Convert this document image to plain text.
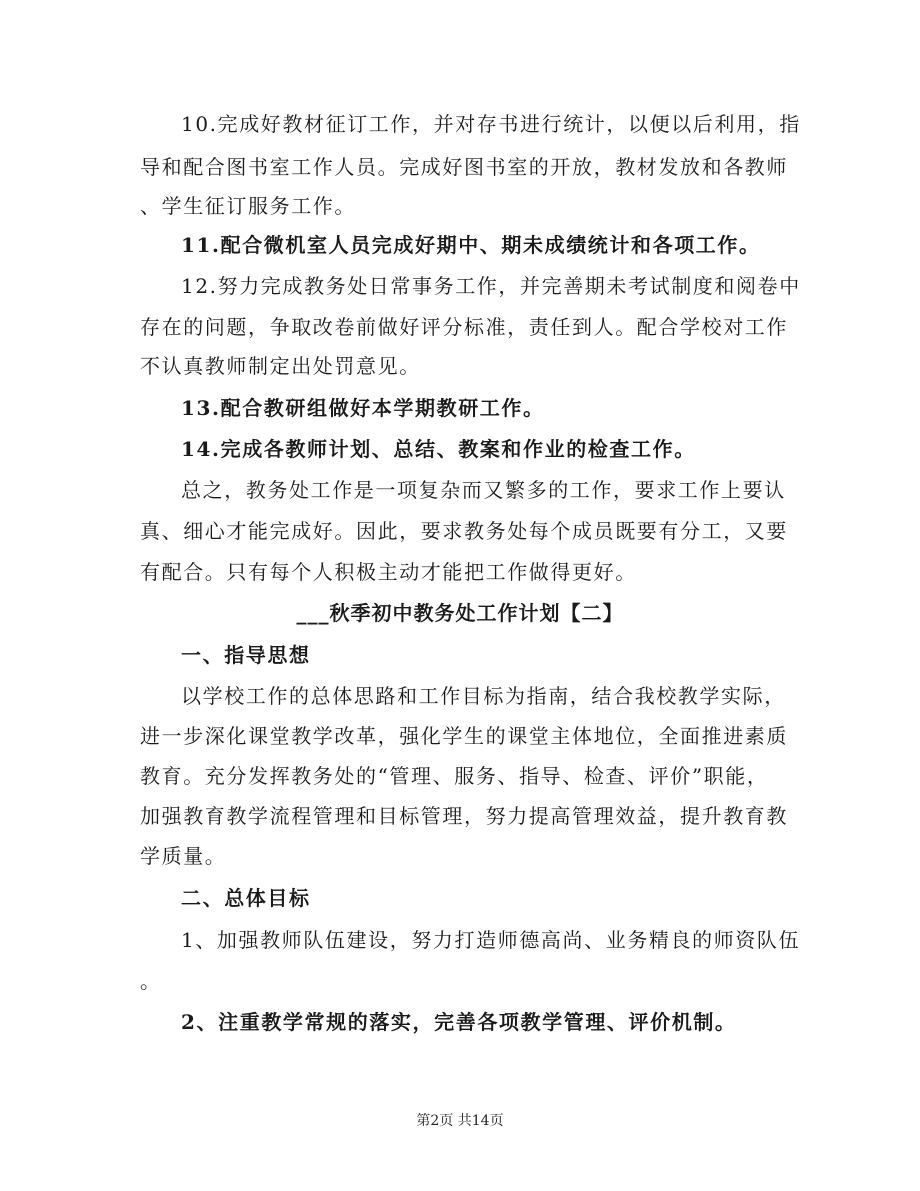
10.完成好教材征订工作，并对存书进行统计，以便以后利用，指
导和配合图书室工作人员。完成好图书室的开放，教材发放和各教师
、学生征订服务工作。
11.配合微机室人员完成好期中、期未成绩统计和各项工作。
12.努力完成教务处日常事务工作，并完善期未考试制度和阅卷中
存在的问题，争取改卷前做好评分标准，责任到人。配合学校对工作
不认真教师制定出处罚意见。
13.配合教研组做好本学期教研工作。
14.完成各教师计划、总结、教案和作业的检查工作。
总之，教务处工作是一项复杂而又繁多的工作，要求工作上要认
真、细心才能完成好。因此，要求教务处每个成员既要有分工，又要
有配合。只有每个人积极主动才能把工作做得更好。
___秋季初中教务处工作计划【二】
一、指导思想
以学校工作的总体思路和工作目标为指南，结合我校教学实际，
进一步深化课堂教学改革，强化学生的课堂主体地位，全面推进素质
教育。充分发挥教务处的“管理、服务、指导、检查、评价”职能，
加强教育教学流程管理和目标管理，努力提高管理效益，提升教育教
学质量。
二、总体目标
1、加强教师队伍建设，努力打造师德高尚、业务精良的师资队伍
。
2、注重教学常规的落实，完善各项教学管理、评价机制。
第2页 共14页
